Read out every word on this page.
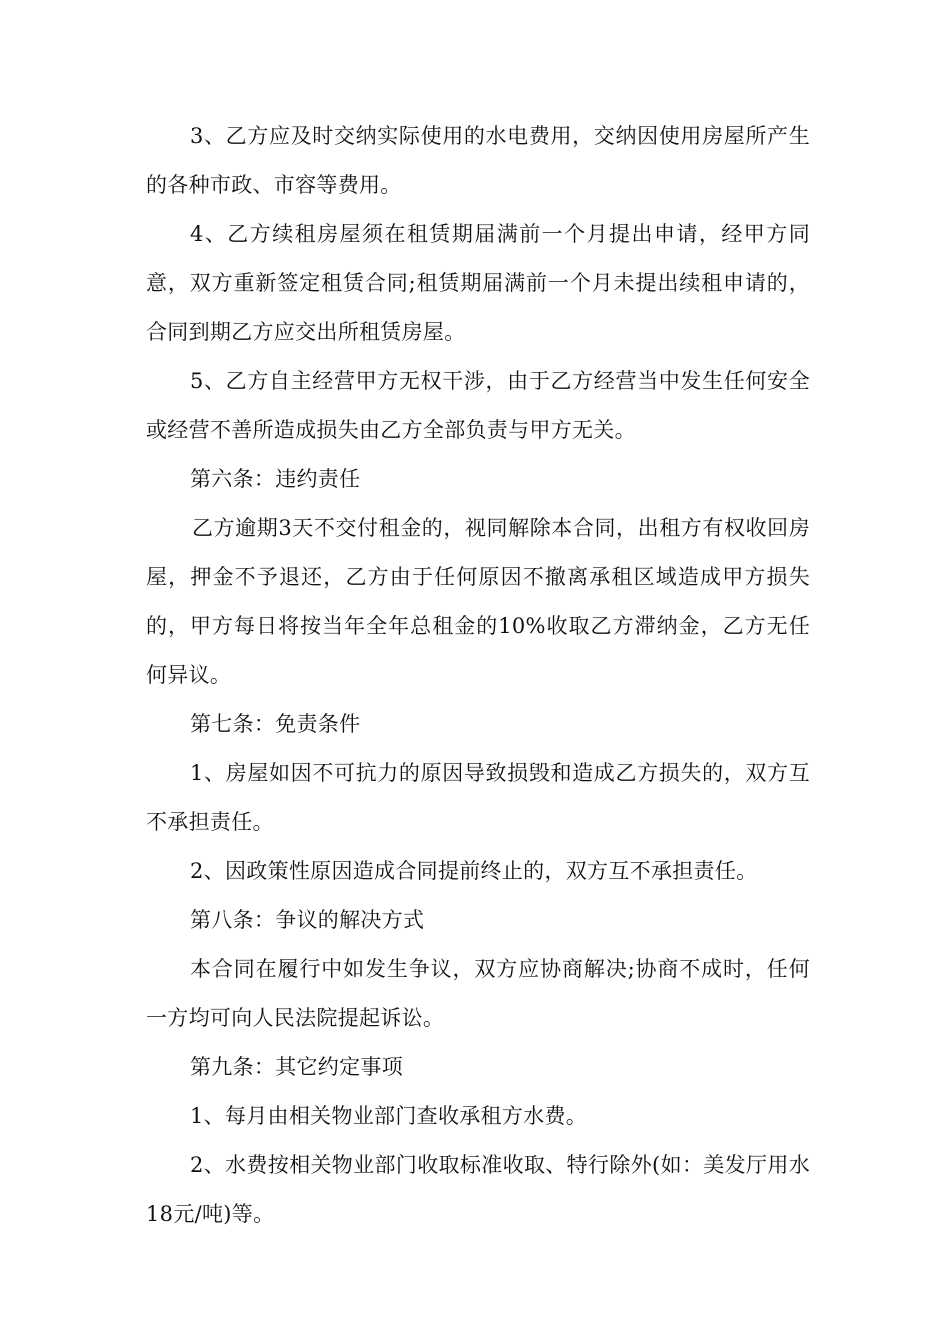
3、乙方应及时交纳实际使用的水电费用，交纳因使用房屋所产生的各种市政、市容等费用。

4、乙方续租房屋须在租赁期届满前一个月提出申请，经甲方同意，双方重新签定租赁合同;租赁期届满前一个月未提出续租申请的，合同到期乙方应交出所租赁房屋。

5、乙方自主经营甲方无权干涉，由于乙方经营当中发生任何安全或经营不善所造成损失由乙方全部负责与甲方无关。

第六条：违约责任

乙方逾期3天不交付租金的，视同解除本合同，出租方有权收回房屋，押金不予退还，乙方由于任何原因不撤离承租区域造成甲方损失的，甲方每日将按当年全年总租金的10%收取乙方滞纳金，乙方无任何异议。

第七条：免责条件

1、房屋如因不可抗力的原因导致损毁和造成乙方损失的，双方互不承担责任。

2、因政策性原因造成合同提前终止的，双方互不承担责任。

第八条：争议的解决方式

本合同在履行中如发生争议，双方应协商解决;协商不成时，任何一方均可向人民法院提起诉讼。

第九条：其它约定事项

1、每月由相关物业部门查收承租方水费。

2、水费按相关物业部门收取标准收取、特行除外(如：美发厅用水18元/吨)等。
